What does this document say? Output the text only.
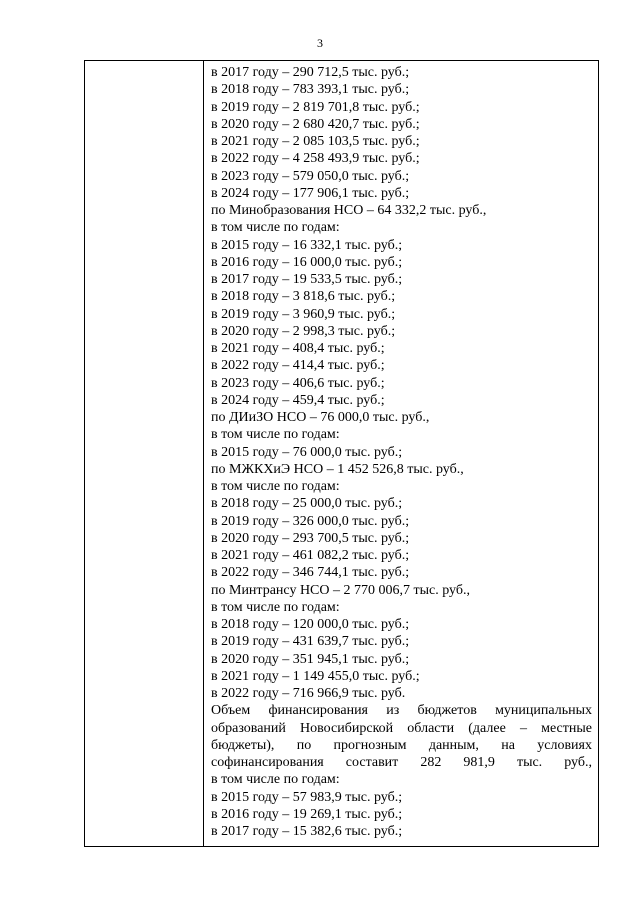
3

в 2017 году – 290 712,5 тыс. руб.;
в 2018 году – 783 393,1 тыс. руб.;
в 2019 году – 2 819 701,8 тыс. руб.;
в 2020 году – 2 680 420,7 тыс. руб.;
в 2021 году – 2 085 103,5 тыс. руб.;
в 2022 году – 4 258 493,9 тыс. руб.;
в 2023 году – 579 050,0 тыс. руб.;
в 2024 году – 177 906,1 тыс. руб.;
по Минобразования НСО – 64 332,2 тыс. руб.,
в том числе по годам:
в 2015 году – 16 332,1 тыс. руб.;
в 2016 году – 16 000,0 тыс. руб.;
в 2017 году – 19 533,5 тыс. руб.;
в 2018 году – 3 818,6 тыс. руб.;
в 2019 году – 3 960,9 тыс. руб.;
в 2020 году – 2 998,3 тыс. руб.;
в 2021 году – 408,4 тыс. руб.;
в 2022 году – 414,4 тыс. руб.;
в 2023 году – 406,6 тыс. руб.;
в 2024 году – 459,4 тыс. руб.;
по ДИиЗО НСО – 76 000,0 тыс. руб.,
в том числе по годам:
в 2015 году – 76 000,0 тыс. руб.;
по МЖКХиЭ НСО – 1 452 526,8 тыс. руб.,
в том числе по годам:
в 2018 году – 25 000,0 тыс. руб.;
в 2019 году – 326 000,0 тыс. руб.;
в 2020 году – 293 700,5 тыс. руб.;
в 2021 году – 461 082,2 тыс. руб.;
в 2022 году – 346 744,1 тыс. руб.;
по Минтрансу НСО – 2 770 006,7 тыс. руб.,
в том числе по годам:
в 2018 году – 120 000,0 тыс. руб.;
в 2019 году – 431 639,7 тыс. руб.;
в 2020 году – 351 945,1 тыс. руб.;
в 2021 году – 1 149 455,0 тыс. руб.;
в 2022 году – 716 966,9 тыс. руб.
Объем финансирования из бюджетов муниципальных образований Новосибирской области (далее – местные бюджеты), по прогнозным данным, на условиях софинансирования составит 282 981,9 тыс. руб.,
в том числе по годам:
в 2015 году – 57 983,9 тыс. руб.;
в 2016 году – 19 269,1 тыс. руб.;
в 2017 году – 15 382,6 тыс. руб.;
